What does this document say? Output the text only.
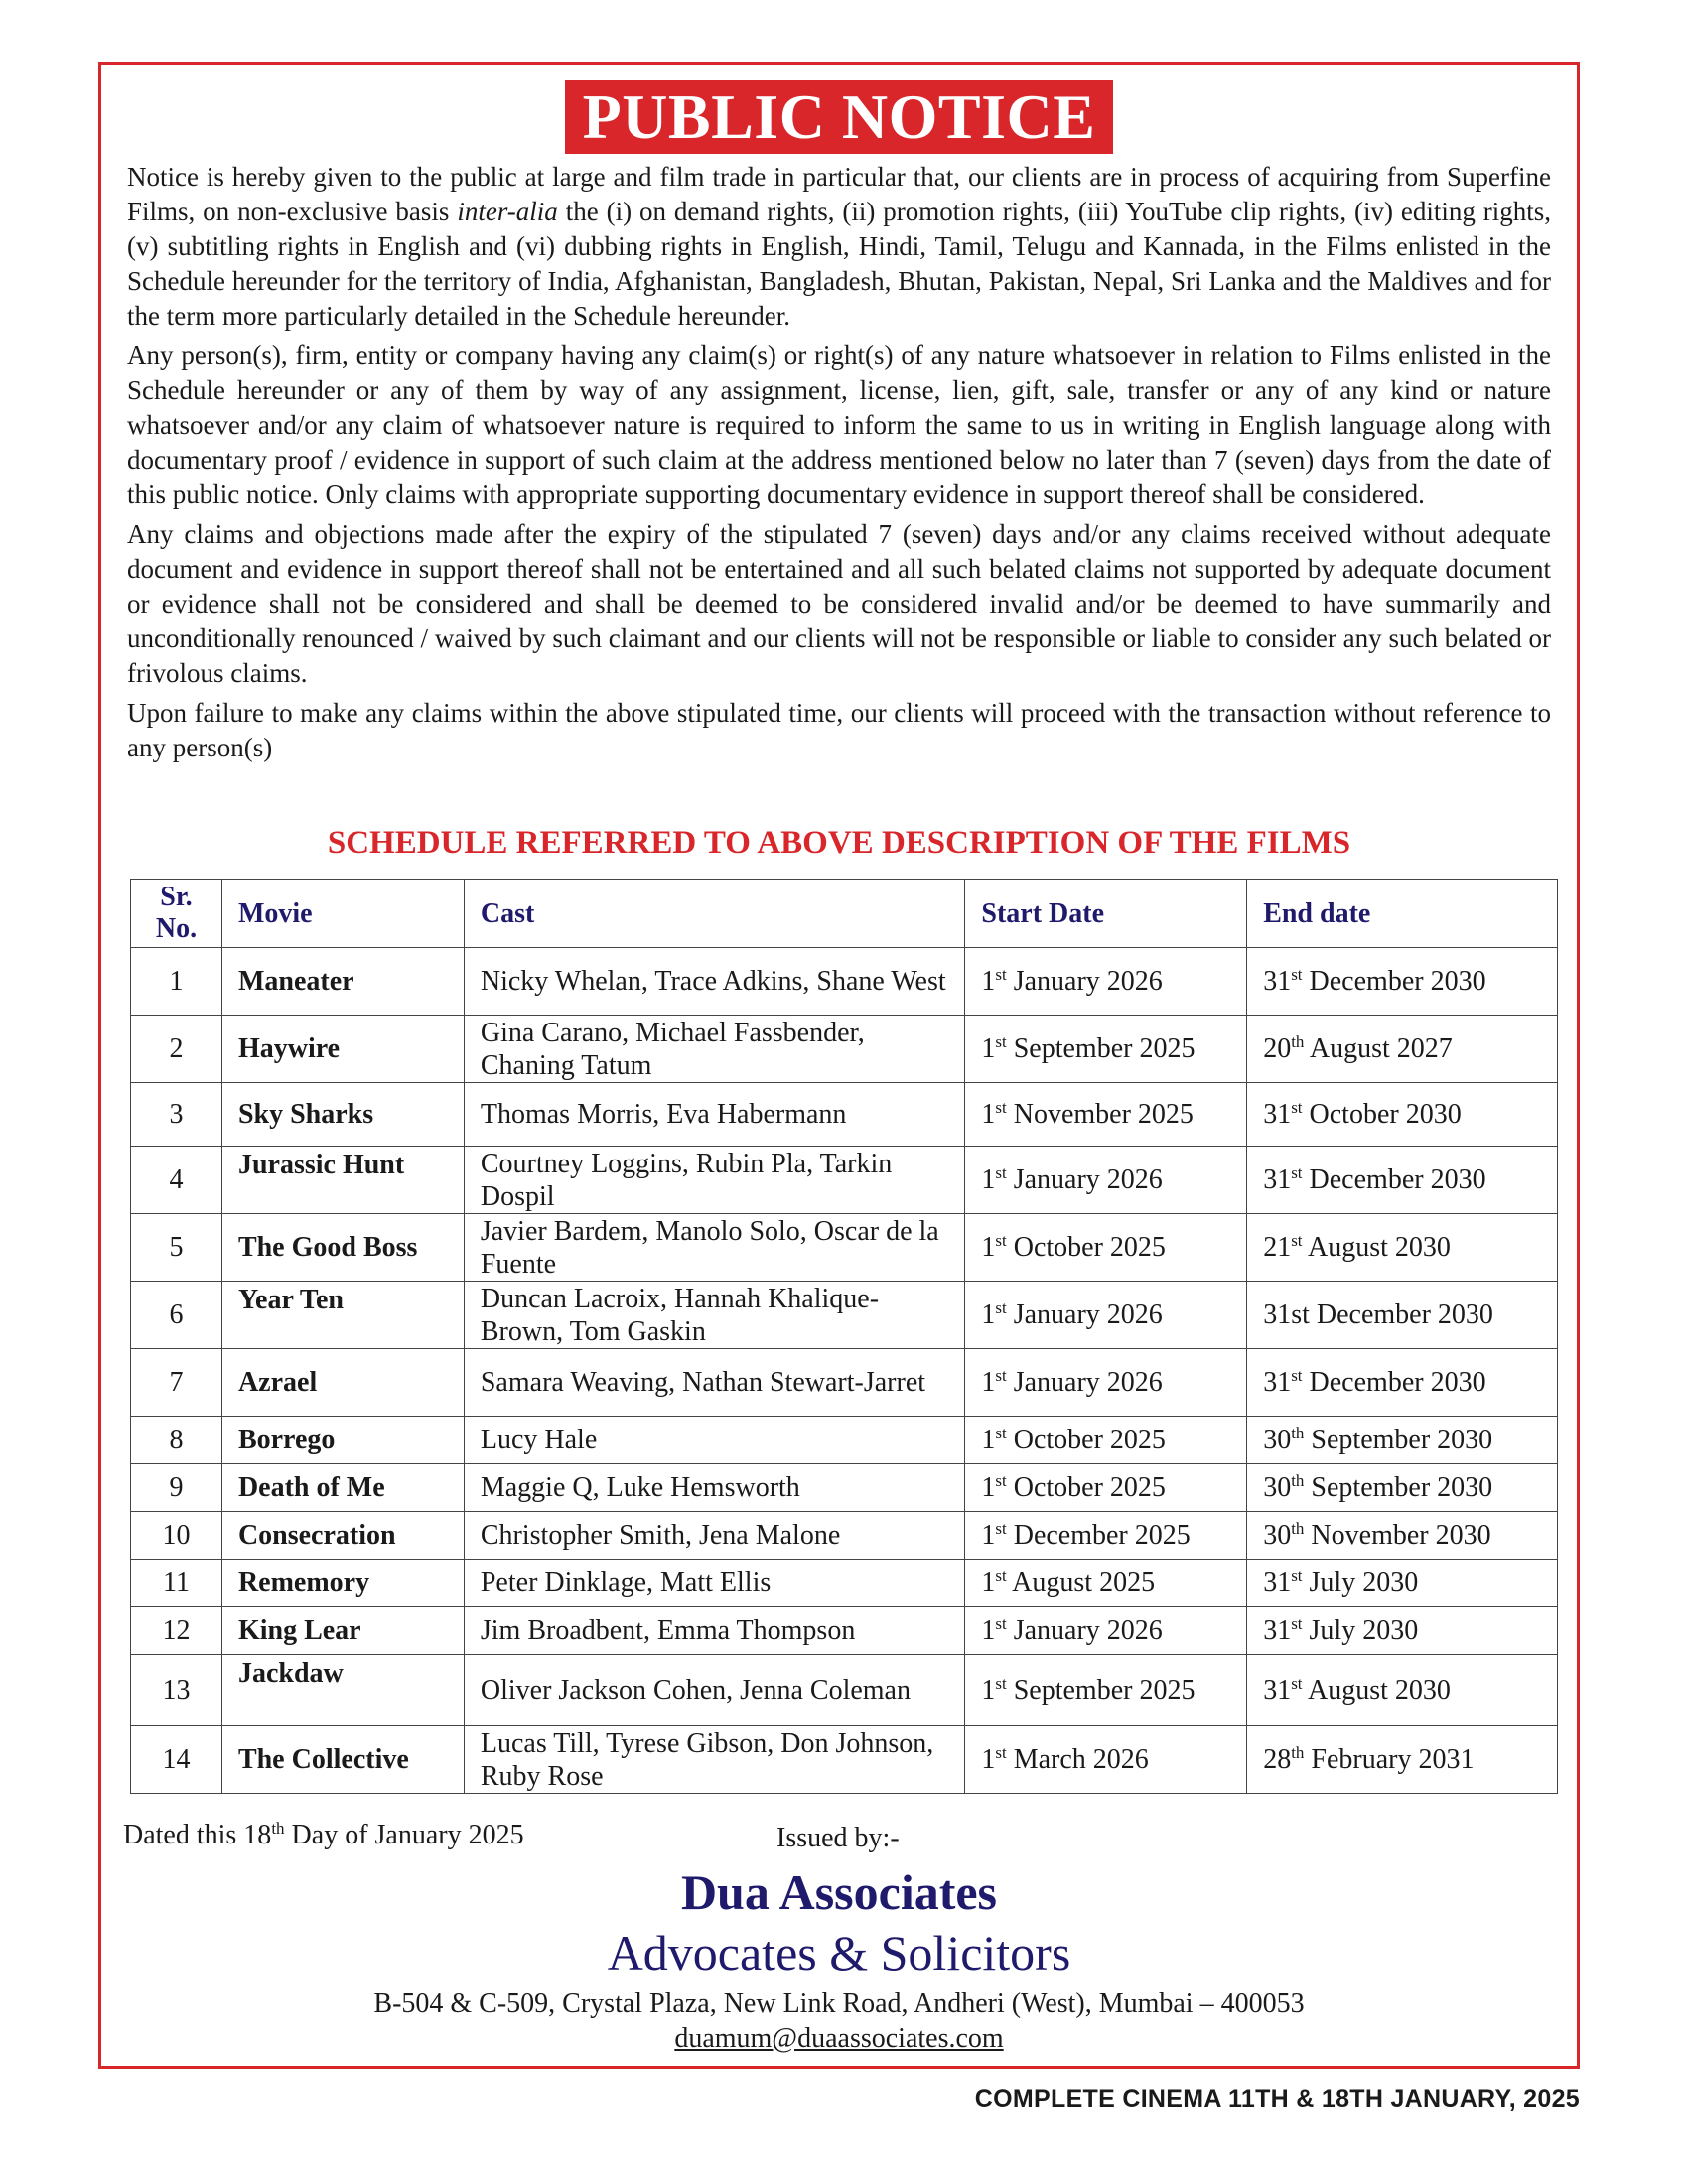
PUBLIC NOTICE

Notice is hereby given to the public at large and film trade in particular that, our clients are in process of acquiring from Superfine Films, on non-exclusive basis inter-alia the (i) on demand rights, (ii) promotion rights, (iii) YouTube clip rights, (iv) editing rights, (v) subtitling rights in English and (vi) dubbing rights in English, Hindi, Tamil, Telugu and Kannada, in the Films enlisted in the Schedule hereunder for the territory of India, Afghanistan, Bangladesh, Bhutan, Pakistan, Nepal, Sri Lanka and the Maldives and for the term more particularly detailed in the Schedule hereunder.

Any person(s), firm, entity or company having any claim(s) or right(s) of any nature whatsoever in relation to Films enlisted in the Schedule hereunder or any of them by way of any assignment, license, lien, gift, sale, transfer or any of any kind or nature whatsoever and/or any claim of whatsoever nature is required to inform the same to us in writing in English language along with documentary proof / evidence in support of such claim at the address mentioned below no later than 7 (seven) days from the date of this public notice. Only claims with appropriate supporting documentary evidence in support thereof shall be considered.

Any claims and objections made after the expiry of the stipulated 7 (seven) days and/or any claims received without adequate document and evidence in support thereof shall not be entertained and all such belated claims not supported by adequate document or evidence shall not be considered and shall be deemed to be considered invalid and/or be deemed to have summarily and unconditionally renounced / waived by such claimant and our clients will not be responsible or liable to consider any such belated or frivolous claims.

Upon failure to make any claims within the above stipulated time, our clients will proceed with the transaction without reference to any person(s)

SCHEDULE REFERRED TO ABOVE DESCRIPTION OF THE FILMS
Sr.
No.	Movie	Cast	Start Date	End date
1	Maneater	Nicky Whelan, Trace Adkins, Shane West	1st January 2026	31st December 2030
2	Haywire	Gina Carano, Michael Fassbender, Chaning Tatum	1st September 2025	20th August 2027
3	Sky Sharks	Thomas Morris, Eva Habermann	1st November 2025	31st October 2030
4	Jurassic Hunt	Courtney Loggins, Rubin Pla, Tarkin Dospil	1st January 2026	31st December 2030
5	The Good Boss	Javier Bardem, Manolo Solo, Oscar de la Fuente	1st October 2025	21st August 2030
6	Year Ten	Duncan Lacroix, Hannah Khalique-Brown, Tom Gaskin	1st January 2026	31st December 2030
7	Azrael	Samara Weaving, Nathan Stewart-Jarret	1st January 2026	31st December 2030
8	Borrego	Lucy Hale	1st October 2025	30th September 2030
9	Death of Me	Maggie Q, Luke Hemsworth	1st October 2025	30th September 2030
10	Consecration	Christopher Smith, Jena Malone	1st December 2025	30th November 2030
11	Rememory	Peter Dinklage, Matt Ellis	1st August 2025	31st July 2030
12	King Lear	Jim Broadbent, Emma Thompson	1st January 2026	31st July 2030
13	Jackdaw	Oliver Jackson Cohen, Jenna Coleman	1st September 2025	31st August 2030
14	The Collective	Lucas Till, Tyrese Gibson, Don Johnson, Ruby Rose	1st March 2026	28th February 2031
Dated this 18th Day of January 2025	Issued by:-
Dua Associates
Advocates & Solicitors
B-504 & C-509, Crystal Plaza, New Link Road, Andheri (West), Mumbai – 400053
duamum@duaassociates.com
COMPLETE CINEMA 11TH & 18TH JANUARY, 2025
